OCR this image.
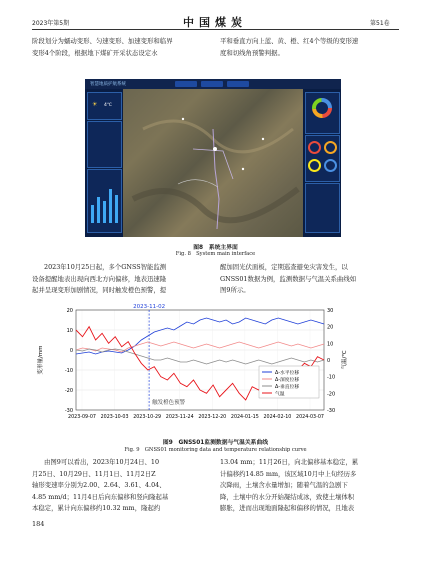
2023年第5期	中国煤炭	第51卷
阶段划分为蠕动变形、匀速变形、加速变形和临界
变形4个阶段，根据地下煤矿开采状态设定水
平和垂直方向上蓝、黄、橙、红4个等级的变形速
度和切线角预警判据。
☀ 4℃
智慧地质护航系统
图8　系统主界面
Fig. 8　System main interface
2023年10月25日起，多个GNSS智能监测
设备提醒地表出现向西北方向偏移，地表迅速隆
起并呈现变形加剧情况，同时触发橙色预警，提
醒加固光伏面板，定期巡查避免灾害发生，以
GNSS01数据为例，监测数据与气温关系曲线如
图9所示。
-30
-20
-10
0
10
20
-30
-20
-10
0
10
20
30
2023-09-07 2023-10-03 2023-10-29 2023-11-24 2023-12-20 2024-01-15 2024-02-10 2024-03-07
Δ-水平位移
Δ-深度位移
Δ-垂直位移
气温
变形量/mm	气温/℃
2023-11-02
触发橙色预警
图9　GNSS01监测数据与气温关系曲线
Fig. 9　GNSS01 monitoring data and temperature relationship curve
由图9可以看出，2023年10月24日、10
月25日、10月29日、11月1日、11月2日Z
轴形变速率分别为2.00、2.64、3.61、4.04、
4.85 mm/d；11月4日后向东偏移和竖向隆起基
本稳定，累计向东偏移约10.32 mm，隆起约
13.04 mm；11月26日，向北偏移基本稳定，累
计偏移约14.85 mm，该区域10月中上旬经历多
次降雨，土壤含水量增加；随着气温的急剧下
降，土壤中的水分开始凝结成冰，致使土壤体积
膨胀，进而出现地面隆起和偏移的情况，且地表
184
